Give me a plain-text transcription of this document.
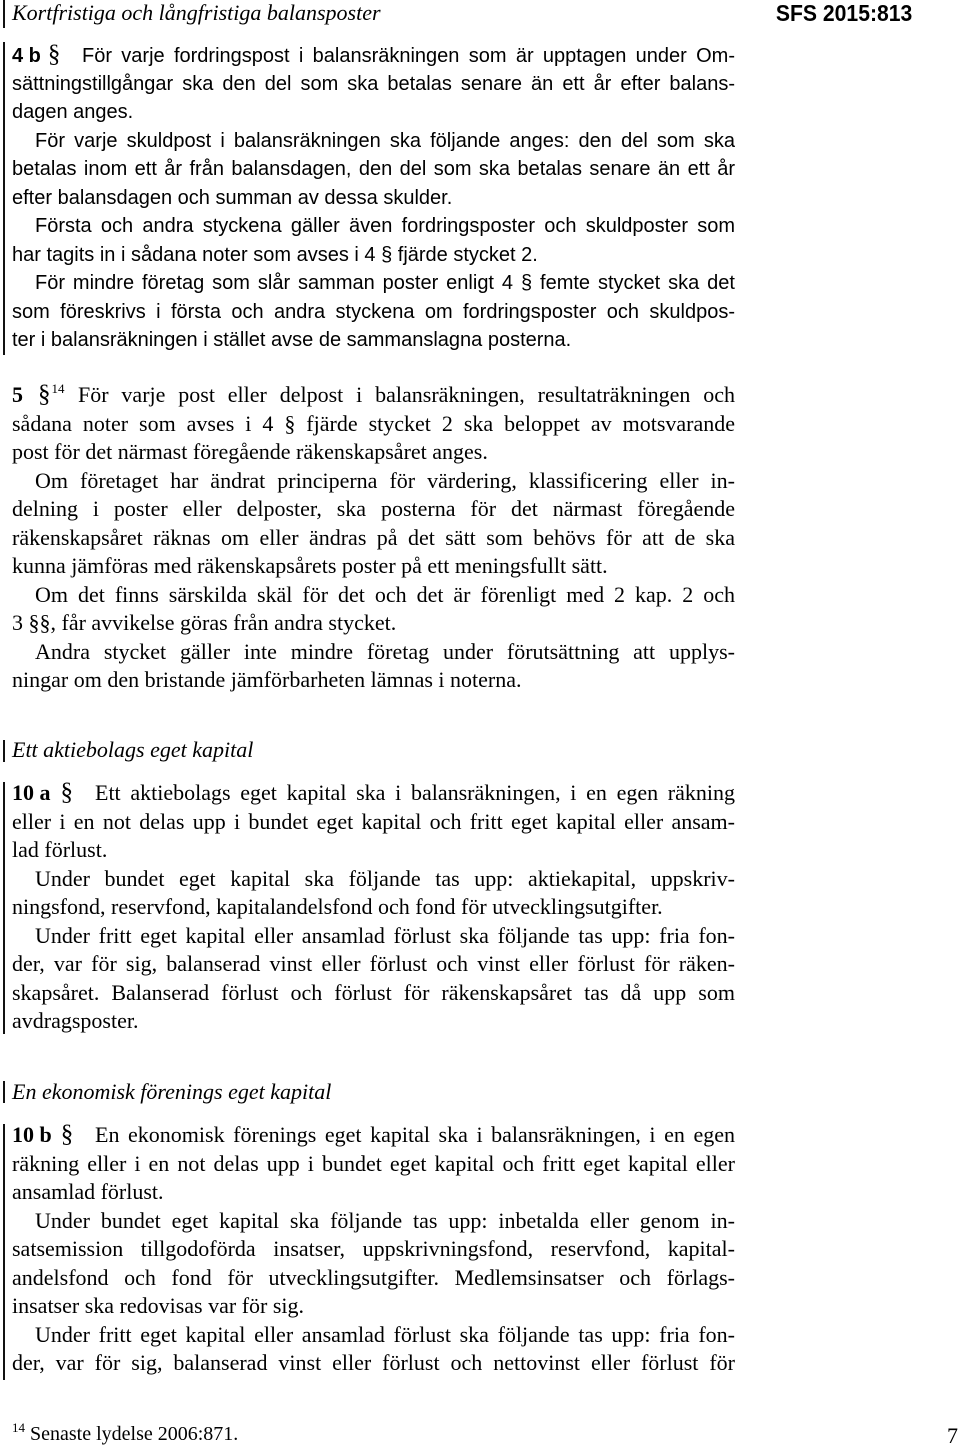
Kortfristiga och långfristiga balansposter	SFS 2015:813
4 b § För varje fordringspost i balansräkningen som är upptagen under Om-
sättningstillgångar ska den del som ska betalas senare än ett år efter balans-
dagen anges.
För varje skuldpost i balansräkningen ska följande anges: den del som ska
betalas inom ett år från balansdagen, den del som ska betalas senare än ett år
efter balansdagen och summan av dessa skulder.
Första och andra styckena gäller även fordringsposter och skuldposter som
har tagits in i sådana noter som avses i 4 § fjärde stycket 2.
För mindre företag som slår samman poster enligt 4 § femte stycket ska det
som föreskrivs i första och andra styckena om fordringsposter och skuldpos-
ter i balansräkningen i stället avse de sammanslagna posterna.
5 § 14 För varje post eller delpost i balansräkningen, resultaträkningen och
sådana noter som avses i 4 § fjärde stycket 2 ska beloppet av motsvarande
post för det närmast föregående räkenskapsåret anges.
Om företaget har ändrat principerna för värdering, klassificering eller in-
delning i poster eller delposter, ska posterna för det närmast föregående
räkenskapsåret räknas om eller ändras på det sätt som behövs för att de ska
kunna jämföras med räkenskapsårets poster på ett meningsfullt sätt.
Om det finns särskilda skäl för det och det är förenligt med 2 kap. 2 och
3 §§, får avvikelse göras från andra stycket.
Andra stycket gäller inte mindre företag under förutsättning att upplys-
ningar om den bristande jämförbarheten lämnas i noterna.
Ett aktiebolags eget kapital
10 a § Ett aktiebolags eget kapital ska i balansräkningen, i en egen räkning
eller i en not delas upp i bundet eget kapital och fritt eget kapital eller ansam-
lad förlust.
Under bundet eget kapital ska följande tas upp: aktiekapital, uppskriv-
ningsfond, reservfond, kapitalandelsfond och fond för utvecklingsutgifter.
Under fritt eget kapital eller ansamlad förlust ska följande tas upp: fria fon-
der, var för sig, balanserad vinst eller förlust och vinst eller förlust för räken-
skapsåret. Balanserad förlust och förlust för räkenskapsåret tas då upp som
avdragsposter.
En ekonomisk förenings eget kapital
10 b § En ekonomisk förenings eget kapital ska i balansräkningen, i en egen
räkning eller i en not delas upp i bundet eget kapital och fritt eget kapital eller
ansamlad förlust.
Under bundet eget kapital ska följande tas upp: inbetalda eller genom in-
satsemission tillgodoförda insatser, uppskrivningsfond, reservfond, kapital-
andelsfond och fond för utvecklingsutgifter. Medlemsinsatser och förlags-
insatser ska redovisas var för sig.
Under fritt eget kapital eller ansamlad förlust ska följande tas upp: fria fon-
der, var för sig, balanserad vinst eller förlust och nettovinst eller förlust för
$^{14}$ Senaste lydelse 2006:871.	7
